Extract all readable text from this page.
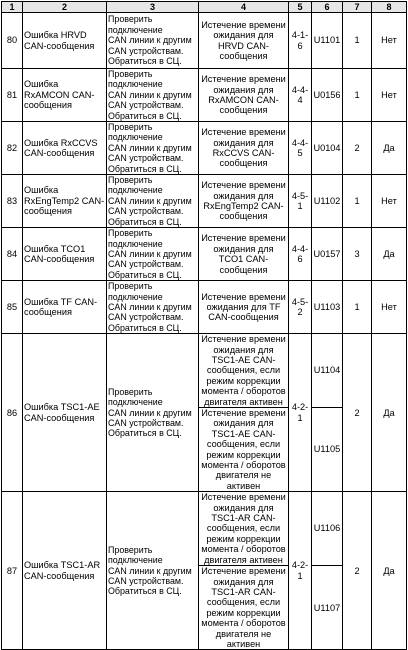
1	2	3	4	5	6	7	8
80	Ошибка HRVD CAN-сообщения	Проверить
подключение
CAN линии к другим
CAN устройствам.
Обратиться в СЦ.	Истечение времени ожидания для HRVD CAN-сообщения	4-1-6	U1101	1	Нет
81	Ошибка RxAMCON CAN-сообщения	Проверить
подключение
CAN линии к другим
CAN устройствам.
Обратиться в СЦ.	Истечение времени ожидания для RxAMCON CAN-сообщения	4-4-4	U0156	1	Нет
82	Ошибка RxCCVS CAN-сообщения	Проверить
подключение
CAN линии к другим
CAN устройствам.
Обратиться в СЦ.	Истечение времени ожидания для RxCCVS CAN-сообщения	4-4-5	U0104	2	Да
83	Ошибка RxEngTemp2 CAN-сообщения	Проверить
подключение
CAN линии к другим
CAN устройствам.
Обратиться в СЦ.	Истечение времени ожидания для RxEngTemp2 CAN-сообщения	4-5-1	U1102	1	Нет
84	Ошибка TCO1 CAN-сообщения	Проверить
подключение
CAN линии к другим
CAN устройствам.
Обратиться в СЦ.	Истечение времени ожидания для TCO1 CAN-сообщения	4-4-6	U0157	3	Да
85	Ошибка TF CAN-сообщения	Проверить
подключение
CAN линии к другим
CAN устройствам.
Обратиться в СЦ.	Истечение времени ожидания для TF CAN-сообщения	4-5-2	U1103	1	Нет
86	Ошибка TSC1-AE CAN-сообщения	Проверить
подключение
CAN линии к другим
CAN устройствам.
Обратиться в СЦ.	Истечение времени ожидания для TSC1-AE CAN-сообщения, если режим коррекции момента / оборотов двигателя активен	4-2-1	U1104	2	Да
			Истечение времени ожидания для TSC1-AE CAN-сообщения, если режим коррекции момента / оборотов двигателя не активен		U1105		
87	Ошибка TSC1-AR CAN-сообщения	Проверить
подключение
CAN линии к другим
CAN устройствам.
Обратиться в СЦ.	Истечение времени ожидания для TSC1-AR CAN-сообщения, если режим коррекции момента / оборотов двигателя активен	4-2-1	U1106	2	Да
			Истечение времени ожидания для TSC1-AR CAN-сообщения, если режим коррекции момента / оборотов двигателя не активен		U1107		
